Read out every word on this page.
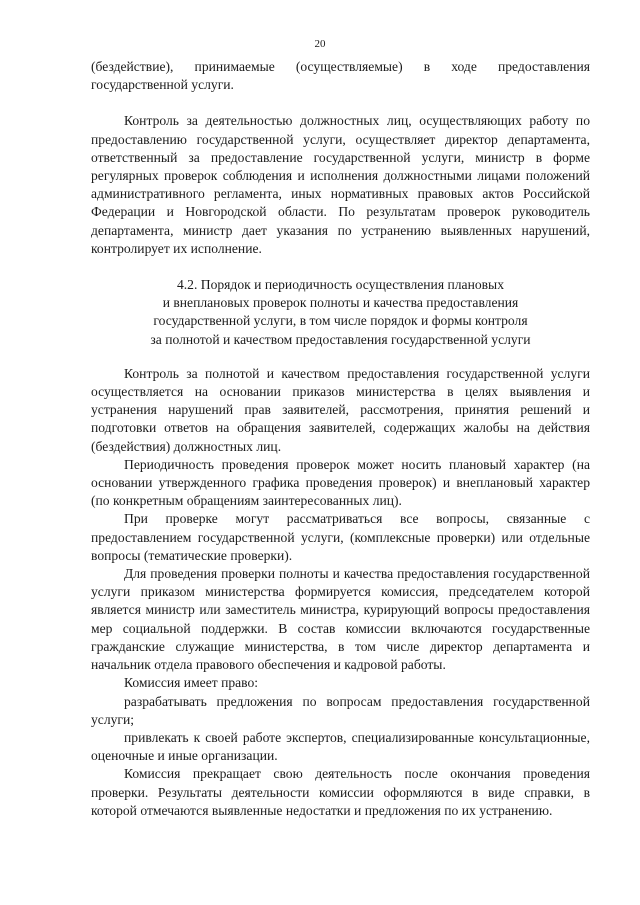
20

(бездействие), принимаемые (осуществляемые) в ходе предоставления государственной услуги.

Контроль за деятельностью должностных лиц, осуществляющих работу по предоставлению государственной услуги, осуществляет директор департамента, ответственный за предоставление государственной услуги, министр в форме регулярных проверок соблюдения и исполнения должностными лицами положений административного регламента, иных нормативных правовых актов Российской Федерации и Новгородской области. По результатам проверок руководитель департамента, министр дает указания по устранению выявленных нарушений, контролирует их исполнение.

4.2. Порядок и периодичность осуществления плановых
и внеплановых проверок полноты и качества предоставления
государственной услуги, в том числе порядок и формы контроля
за полнотой и качеством предоставления государственной услуги

Контроль за полнотой и качеством предоставления государственной услуги осуществляется на основании приказов министерства в целях выявления и устранения нарушений прав заявителей, рассмотрения, принятия решений и подготовки ответов на обращения заявителей, содержащих жалобы на действия (бездействия) должностных лиц.

Периодичность проведения проверок может носить плановый характер (на основании утвержденного графика проведения проверок) и внеплановый характер (по конкретным обращениям заинтересованных лиц).

При проверке могут рассматриваться все вопросы, связанные с предоставлением государственной услуги, (комплексные проверки) или отдельные вопросы (тематические проверки).

Для проведения проверки полноты и качества предоставления государственной услуги приказом министерства формируется комиссия, председателем которой является министр или заместитель министра, курирующий вопросы предоставления мер социальной поддержки. В состав комиссии включаются государственные гражданские служащие министерства, в том числе директор департамента и начальник отдела правового обеспечения и кадровой работы.

Комиссия имеет право:

разрабатывать предложения по вопросам предоставления государственной услуги;

привлекать к своей работе экспертов, специализированные консультационные, оценочные и иные организации.

Комиссия прекращает свою деятельность после окончания проведения проверки. Результаты деятельности комиссии оформляются в виде справки, в которой отмечаются выявленные недостатки и предложения по их устранению.
